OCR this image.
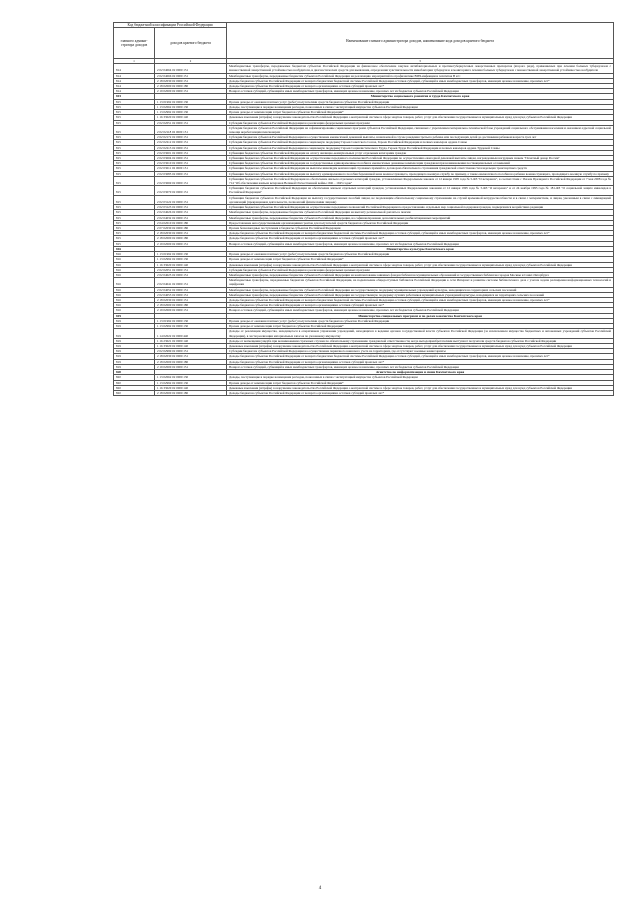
Код бюджетной классификации Российской Федерации		Наименование главного администратора доходов, наименование кода доходов краевого бюджета
главного админи- стратора доходов	доходов краевого бюджета	
1	2	3
814	2 02 04064 02 0000 151	Межбюджетные трансферты, передаваемые бюджетам субъектов Российской Федерации на финансовое обеспечение закупок антибактериальных и противотуберкулезных лекарственных препаратов (второго ряда), применяемых при лечении больных туберкулезом с множественной лекарственной устойчивостью возбудителя, и диагностических средств для выявления, определения чувствительности микобактерии туберкулеза и мониторинга лечения больных туберкулезом с множественной лекарственной устойчивостью возбудителя
814	2 02 04066 02 0000 151	Межбюджетные трансферты, передаваемые бюджетам субъектов Российской Федерации на реализацию мероприятий по профилактике ВИЧ-инфекции и гепатитов В и С
814	2 18 02030 02 0000 151	Доходы бюджетов субъектов Российской Федерации от возврата бюджетами бюджетной системы Российской Федерации остатков субсидий, субвенций и иных межбюджетных трансфертов, имеющих целевое назначение, прошлых лет*
814	2 18 02000 02 0000 180	Доходы бюджетов субъектов Российской Федерации от возврата организациями остатков субсидий прошлых лет*
814	2 19 02000 02 0000 151	Возврат остатков субсидий, субвенций и иных межбюджетных трансфертов, имеющих целевое назначение, прошлых лет из бюджетов субъектов Российской Федерации
815		Министерство социального развития и труда Камчатского края
815	1 13 01992 02 0000 130	Прочие доходы от оказания платных услуг (работ) получателями средств бюджетов субъектов Российской Федерации
815	1 13 02062 02 0000 130	Доходы, поступающие в порядке возмещения расходов, понесенных в связи с эксплуатацией имущества субъектов Российской Федерации
815	1 13 02992 02 0000 130	Прочие доходы от компенсации затрат бюджетов субъектов Российской Федерации*
815	1 16 33020 02 0000 140	Денежные взыскания (штрафы) за нарушение законодательства Российской Федерации о контрактной системе в сфере закупок товаров, работ, услуг для обеспечения государственных и муниципальных нужд для нужд субъектов Российской Федерации
815	2 02 02051 02 0000 151	Субсидии бюджетам субъектов Российской Федерации на реализацию федеральных целевых программ
815	2 02 02118 02 0000 151	Субсидии бюджетам субъектов Российской Федерации на софинансирование социальных программ субъектов Российской Федерации, связанных с укреплением материально-технической базы учреждений социального обслуживания населения и оказанием адресной социальной помощи неработающим пенсионерам
815	2 02 02172 02 0000 151	Субсидии бюджетам субъектов Российской Федерации на осуществление ежемесячной денежной выплаты, назначаемой в случае рождения третьего ребенка или последующих детей до достижения ребенком возраста трех лет
815	2 02 02212 02 0000 151	Субсидии бюджетам субъектов Российской Федерации на социальную поддержку Героев Советского Союза, Героев Российской Федерации и полных кавалеров ордена Славы
815	2 02 02213 02 0000 151	Субсидии бюджетам субъектов Российской Федерации на социальную поддержку Героев Социалистического Труда, Героев Труда Российской Федерации и полных кавалеров ордена Трудовой Славы
815	2 02 03001 02 0000 151	Субвенции бюджетам субъектов Российской Федерации на оплату жилищно-коммунальных услуг отдельным категориям граждан
815	2 02 03004 02 0000 151	Субвенции бюджетам субъектов Российской Федерации на осуществление переданного полномочия Российской Федерации по осуществлению ежегодной денежной выплаты лицам, награжденным нагрудным знаком "Почетный донор России"
815	2 02 03010 02 0000 151	Субвенции бюджетам субъектов Российской Федерации на государственные единовременные пособия и ежемесячные денежные компенсации гражданам при возникновении поствакцинальных осложнений
815	2 02 03011 02 0000 151	Субвенции бюджетам субъектов Российской Федерации на выплаты инвалидам компенсаций страховых премий по договорам обязательного страхования гражданской ответственности владельцев транспортных средств
815	2 02 03085 02 0000 151	Субвенции бюджетам субъектов Российской Федерации на выплату единовременного пособия беременной жене военнослужащего, проходящего военную службу по призыву, а также ежемесячного пособия на ребенка военнослужащего, проходящего военную службу по призыву
815	2 02 03069 02 0000 151	Субвенции бюджетам субъектов Российской Федерации на обеспечение жильем отдельных категорий граждан, установленных Федеральным законом от 12 января 1995 года № 5-ФЗ "О ветеранах", в соответствии с Указом Президента Российской Федерации от 7 мая 2008 года № 714 "Об обеспечении жильем ветеранов Великой Отечественной войны 1941 - 1945 годов"
815	2 02 03070 02 0000 151	Субвенции бюджетам субъектов Российской Федерации на обеспечение жильем отдельных категорий граждан, установленных Федеральными законами от 12 января 1995 года № 5-ФЗ "О ветеранах" и от 24 ноября 1995 года № 181-ФЗ "О социальной защите инвалидов в Российской Федерации"
815	2 02 03122 02 0000 151	Субвенции бюджетам субъектов Российской Федерации на выплату государственных пособий лицам, не подлежащим обязательному социальному страхованию на случай временной нетрудоспособности и в связи с материнством, и лицам, уволенным в связи с ликвидацией организаций (прекращением деятельности, полномочий физическими лицами)
815	2 02 03123 02 0000 151	Субвенции бюджетам субъектов Российской Федерации на осуществление переданных полномочий Российской Федерации по предоставлению отдельных мер социальной поддержки граждан, подвергшихся воздействию радиации
815	2 02 04026 02 0000 151	Межбюджетные трансферты, передаваемые бюджетам субъектов Российской Федерации на выплату региональной доплаты к пенсии
815	2 02 04032 02 0000 151	Межбюджетные трансферты, передаваемые бюджетам субъектов Российской Федерации, на софинансирование дополнительных реабилитационных мероприятий
815	2 04 02010 02 0000 180	Предоставление негосударственными организациями грантов для получателей средств бюджетов субъектов Российской Федерации
815	2 07 02030 02 0000 180	Прочие безвозмездные поступления в бюджеты субъектов Российской Федерации
815	2 18 02030 02 0000 151	Доходы бюджетов субъектов Российской Федерации от возврата бюджетами бюджетной системы Российской Федерации остатков субсидий, субвенций и иных межбюджетных трансфертов, имеющих целевое назначение, прошлых лет*
815	2 18 02000 02 0000 180	Доходы бюджетов субъектов Российской Федерации от возврата организациями остатков субсидий прошлых лет*
815	2 19 02000 02 0000 151	Возврат остатков субсидий, субвенций и иных межбюджетных трансфертов, имеющих целевое назначение, прошлых лет из бюджетов субъектов Российской Федерации
816		Министерство культуры Камчатского края
816	1 13 01992 02 0000 130	Прочие доходы от оказания платных услуг (работ) получателями средств бюджетов субъектов Российской Федерации
816	1 13 02992 02 0000 130	Прочие доходы от компенсации затрат бюджетов субъектов Российской Федерации*
816	1 16 33020 02 0000 140	Денежные взыскания (штрафы) за нарушение законодательства Российской Федерации о контрактной системе в сфере закупок товаров, работ, услуг для обеспечения государственных и муниципальных нужд для нужд субъектов Российской Федерации
816	2 02 02051 02 0000 151	Субсидии бюджетам субъектов Российской Федерации на реализацию федеральных целевых программ
816	2 02 04025 02 0000 151	Межбюджетные трансферты, передаваемые бюджетам субъектов Российской Федерации на комплектование книжных фондов библиотек муниципальных образований и государственных библиотек городов Москвы и Санкт-Петербурга
816	2 02 04041 02 0000 151	Межбюджетные трансферты, передаваемые бюджетам субъектов Российской Федерации, на подключение общедоступных библиотек Российской Федерации к сети Интернет и развитие системы библиотечного дела с учетом задачи расширения информационных технологий и оцифровки
816	2 02 04052 02 0000 151	Межбюджетные трансферты, передаваемые бюджетам субъектов Российской Федерации на государственную поддержку муниципальных учреждений культуры, находящихся на территориях сельских поселений
816	2 02 04053 02 0000 151	Межбюджетные трансферты, передаваемые бюджетам субъектов Российской Федерации на государственную поддержку лучших работников муниципальных учреждений культуры, находящихся на территориях сельских поселений
816	2 18 02030 02 0000 151	Доходы бюджетов субъектов Российской Федерации от возврата бюджетами бюджетной системы Российской Федерации остатков субсидий, субвенций и иных межбюджетных трансфертов, имеющих целевое назначение, прошлых лет*
816	2 18 02000 02 0000 180	Доходы бюджетов субъектов Российской Федерации от возврата организациями остатков субсидий прошлых лет*
816	2 19 02000 02 0000 151	Возврат остатков субсидий, субвенций и иных межбюджетных трансфертов, имеющих целевое назначение, прошлых лет из бюджетов субъектов Российской Федерации
819		Министерство специальных программ и по делам казачества Камчатского края
819	1 13 01992 02 0000 130	Прочие доходы от оказания платных услуг (работ) получателями средств бюджетов субъектов Российской Федерации
819	1 13 02992 02 0000 130	Прочие доходы от компенсации затрат бюджетов субъектов Российской Федерации*
819	1 14 02022 02 0000 440	Доходы от реализации имущества, находящегося в оперативном управлении учреждений, находящихся в ведении органов государственной власти субъектов Российской Федерации (за исключением имущества бюджетных и автономных учреждений субъектов Российской Федерации), в части реализации материальных запасов по указанному имуществу
819	1 16 23021 02 0000 140	Доходы от возмещения ущерба при возникновении страховых случаев по обязательному страхованию гражданской ответственности, когда выгодоприобретателями выступают получатели средств бюджетов субъектов Российской Федерации
819	1 16 33020 02 0000 140	Денежные взыскания (штрафы) за нарушение законодательства Российской Федерации о контрактной системе в сфере закупок товаров, работ, услуг для обеспечения государственных и муниципальных нужд для нужд субъектов Российской Федерации
819	2 02 02999 02 0000 151	Субсидии бюджетам субъектов Российской Федерации на осуществление первичного воинского учета на территориях, где отсутствуют военные комиссариаты
819	2 18 02030 02 0000 151	Доходы бюджетов субъектов Российской Федерации от возврата бюджетами бюджетной системы Российской Федерации остатков субсидий, субвенций и иных межбюджетных трансфертов, имеющих целевое назначение, прошлых лет*
819	2 18 02000 02 0000 180	Доходы бюджетов субъектов Российской Федерации от возврата организациями остатков субсидий прошлых лет*
819	2 19 02000 02 0000 151	Возврат остатков субсидий, субвенций и иных межбюджетных трансфертов, имеющих целевое назначение, прошлых лет из бюджетов субъектов Российской Федерации
820		Агентство по информатизации и связи Камчатского края
820	1 13 02062 02 0000 130	Доходы, поступающие в порядке возмещения расходов, понесенных в связи с эксплуатацией имущества субъектов Российской Федерации
820	1 13 02992 02 0000 130	Прочие доходы от компенсации затрат бюджетов субъектов Российской Федерации*
820	1 16 33020 02 0000 140	Денежные взыскания (штрафы) за нарушение законодательства Российской Федерации о контрактной системе в сфере закупок товаров, работ, услуг для обеспечения государственных и муниципальных нужд для нужд субъектов Российской Федерации
820	2 18 02000 02 0000 180	Доходы бюджетов субъектов Российской Федерации от возврата организациями остатков субсидий прошлых лет*
4
